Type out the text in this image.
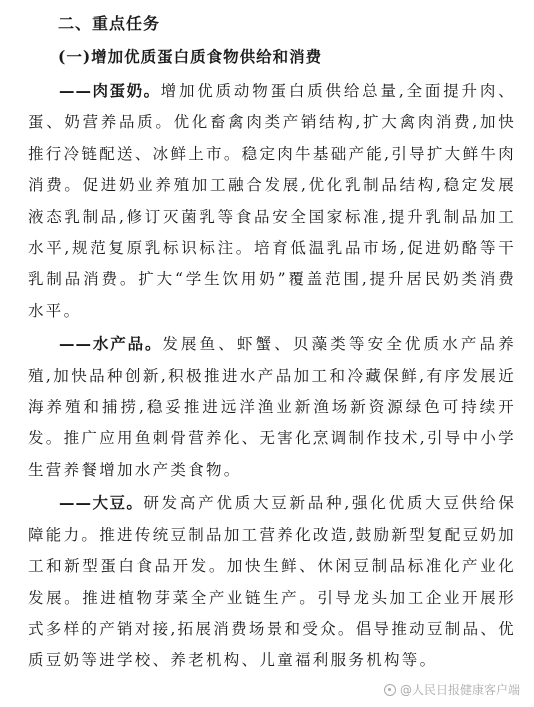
二、重点任务
(一)增加优质蛋白质食物供给和消费

——肉蛋奶。增加优质动物蛋白质供给总量,全面提升肉、蛋、奶营养品质。优化畜禽肉类产销结构,扩大禽肉消费,加快推行冷链配送、冰鲜上市。稳定肉牛基础产能,引导扩大鲜牛肉消费。促进奶业养殖加工融合发展,优化乳制品结构,稳定发展液态乳制品,修订灭菌乳等食品安全国家标准,提升乳制品加工水平,规范复原乳标识标注。培育低温乳品市场,促进奶酪等干乳制品消费。扩大“学生饮用奶”覆盖范围,提升居民奶类消费水平。

——水产品。发展鱼、虾蟹、贝藻类等安全优质水产品养殖,加快品种创新,积极推进水产品加工和冷藏保鲜,有序发展近海养殖和捕捞,稳妥推进远洋渔业新渔场新资源绿色可持续开发。推广应用鱼刺骨营养化、无害化烹调制作技术,引导中小学生营养餐增加水产类食物。

——大豆。研发高产优质大豆新品种,强化优质大豆供给保障能力。推进传统豆制品加工营养化改造,鼓励新型复配豆奶加工和新型蛋白食品开发。加快生鲜、休闲豆制品标准化产业化发展。推进植物芽菜全产业链生产。引导龙头加工企业开展形式多样的产销对接,拓展消费场景和受众。倡导推动豆制品、优质豆奶等进学校、养老机构、儿童福利服务机构等。

@人民日报健康客户端
